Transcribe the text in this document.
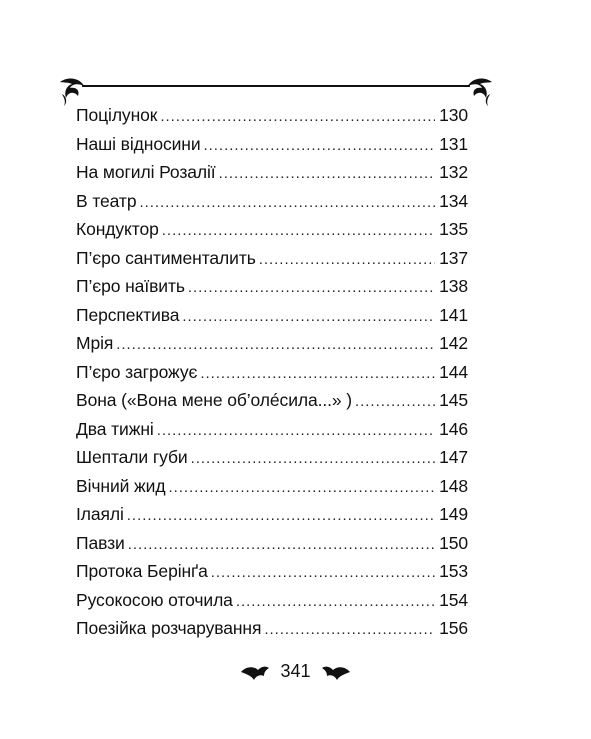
Поцілунок . . .	130
Наші відносини . . .	131
На могилі Розалії . . .	132
В театр . . .	134
Кондуктор . . .	135
П’єро сантименталить . . .	137
П’єро наївить . . .	138
Перспектива . . .	141
Мрія . . .	142
П’єро загрожує . . .	144
Вона («Вона мене об’олéсила...» ) . . .	145
Два тижні . . .	146
Шептали губи . . .	147
Вічний жид . . .	148
Ілаялі . . .	149
Павзи . . .	150
Протока Берінґа . . .	153
Русокосою оточила . . .	154
Поезійка розчарування . . .	156
341
